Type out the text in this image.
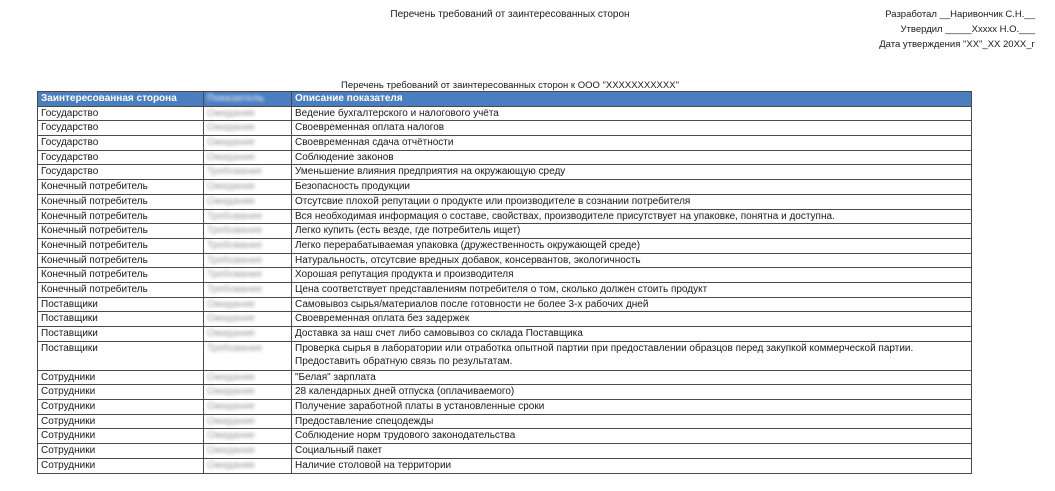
Перечень требований от заинтересованных сторон	Разработал __Наривончик С.Н.__
Утвердил _____Хxxxx Н.О.___
Дата утверждения "XX"_XX 20XX_г
Перечень требований от заинтересованных сторон к ООО "XXXXXXXXXXX"
Заинтересованная сторона	Показатель	Описание показателя
Государство	Ожидание	Ведение бухгалтерского и налогового учёта
Государство	Ожидание	Своевременная оплата налогов
Государство	Ожидание	Своевременная сдача отчётности
Государство	Ожидание	Соблюдение законов
Государство	Требование	Уменьшение влияния предприятия на окружающую среду
Конечный потребитель	Ожидание	Безопасность продукции
Конечный потребитель	Ожидание	Отсутсвие плохой репутации о продукте или производителе в сознании потребителя
Конечный потребитель	Требование	Вся необходимая информация о составе, свойствах, производителе присутствует на упаковке, понятна и доступна.
Конечный потребитель	Требование	Легко купить (есть везде, где потребитель ищет)
Конечный потребитель	Требование	Легко перерабатываемая упаковка (дружественность окружающей среде)
Конечный потребитель	Требование	Натуральность, отсутсвие вредных добавок, консервантов, экологичность
Конечный потребитель	Требование	Хорошая репутация продукта и производителя
Конечный потребитель	Требование	Цена соответствует представлениям потребителя о том, сколько должен стоить продукт
Поставщики	Ожидание	Самовывоз сырья/материалов после готовности не более 3-х рабочих дней
Поставщики	Ожидание	Своевременная оплата без задержек
Поставщики	Ожидание	Доставка за наш счет либо самовывоз со склада Поставщика
Поставщики	Требование	Проверка сырья в лаборатории или отработка опытной партии при предоставлении образцов перед закупкой коммерческой партии. Предоставить обратную связь по результатам.
Сотрудники	Ожидание	"Белая" зарплата
Сотрудники	Ожидание	28 календарных дней отпуска (оплачиваемого)
Сотрудники	Ожидание	Получение заработной платы в установленные сроки
Сотрудники	Ожидание	Предоставление спецодежды
Сотрудники	Ожидание	Соблюдение норм трудового законодательства
Сотрудники	Ожидание	Социальный пакет
Сотрудники	Ожидание	Наличие столовой на территории
